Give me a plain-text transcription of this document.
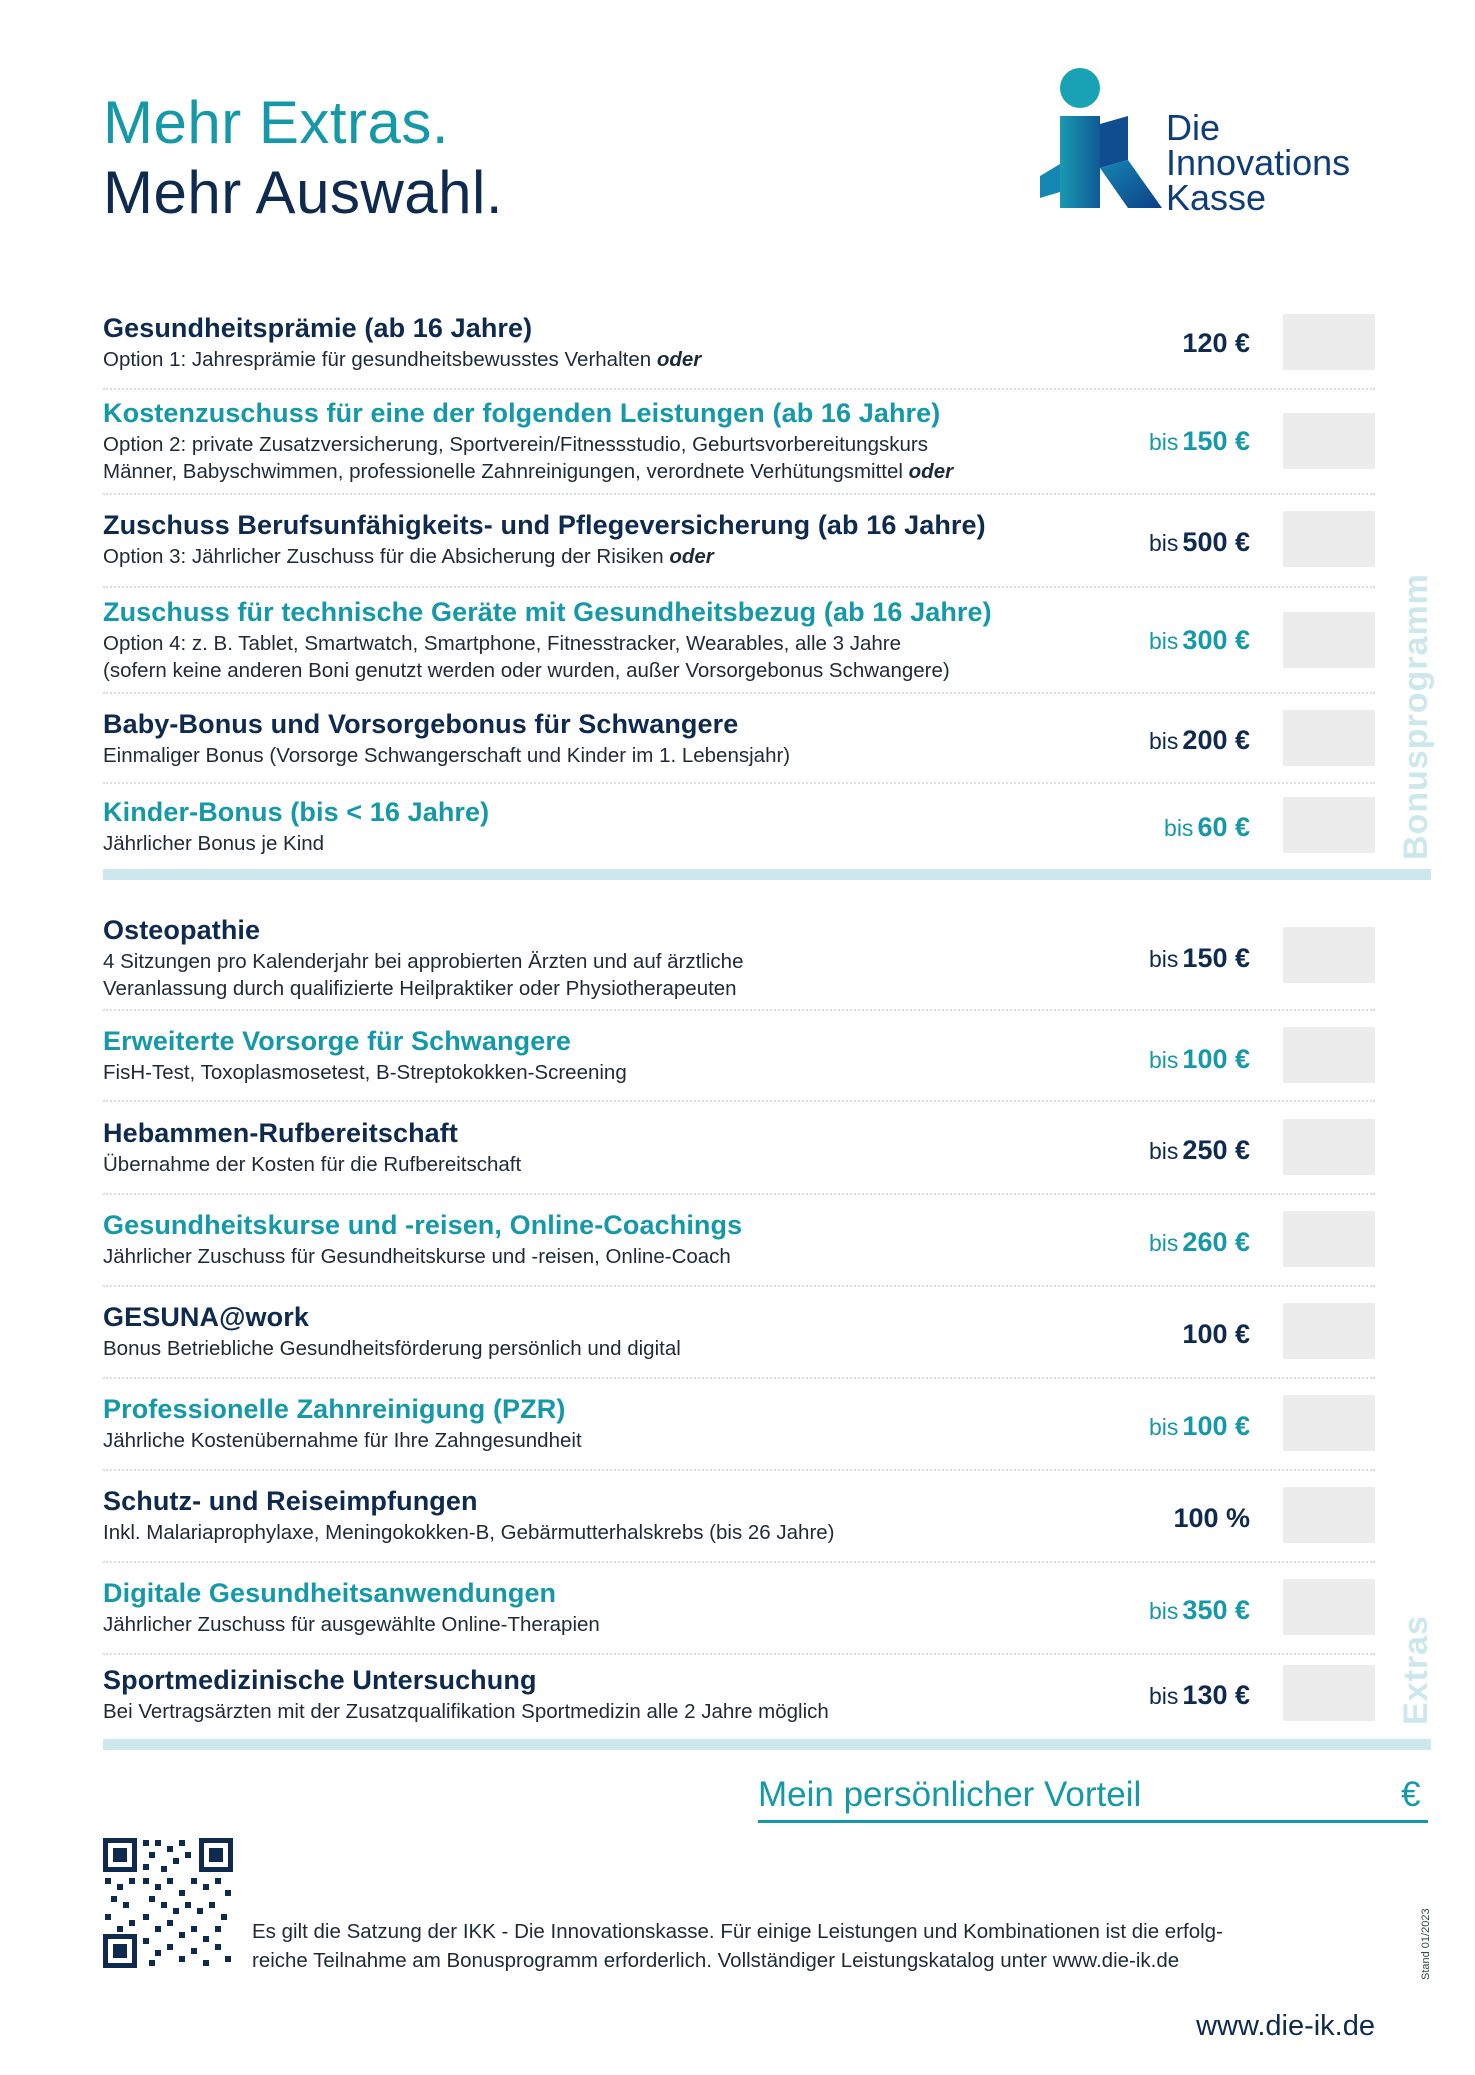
Mehr Extras.
Mehr Auswahl.
Die
Innovations
Kasse
Gesundheitsprämie (ab 16 Jahre)
Option 1: Jahresprämie für gesundheitsbewusstes Verhalten oder
120 €
Kostenzuschuss für eine der folgenden Leistungen (ab 16 Jahre)
Option 2: private Zusatzversicherung, Sportverein/Fitnessstudio, Geburtsvorbereitungskurs
Männer, Babyschwimmen, professionelle Zahnreinigungen, verordnete Verhütungsmittel oder
bis 150 €
Zuschuss Berufsunfähigkeits- und Pflegeversicherung (ab 16 Jahre)
Option 3: Jährlicher Zuschuss für die Absicherung der Risiken oder
bis 500 €
Zuschuss für technische Geräte mit Gesundheitsbezug (ab 16 Jahre)
Option 4: z. B. Tablet, Smartwatch, Smartphone, Fitnesstracker, Wearables, alle 3 Jahre
(sofern keine anderen Boni genutzt werden oder wurden, außer Vorsorgebonus Schwangere)
bis 300 €
Baby-Bonus und Vorsorgebonus für Schwangere
Einmaliger Bonus (Vorsorge Schwangerschaft und Kinder im 1. Lebensjahr)
bis 200 €
Kinder-Bonus (bis < 16 Jahre)
Jährlicher Bonus je Kind
bis 60 €	Bonusprogramm
Osteopathie
4 Sitzungen pro Kalenderjahr bei approbierten Ärzten und auf ärztliche
Veranlassung durch qualifizierte Heilpraktiker oder Physiotherapeuten
bis 150 €
Erweiterte Vorsorge für Schwangere
FisH-Test, Toxoplasmosetest, B-Streptokokken-Screening	bis 100 €
Hebammen-Rufbereitschaft
Übernahme der Kosten für die Rufbereitschaft
bis 250 €
Gesundheitskurse und -reisen, Online-Coachings
Jährlicher Zuschuss für Gesundheitskurse und -reisen, Online-Coach
bis 260 €
GESUNA@work
Bonus Betriebliche Gesundheitsförderung persönlich und digital	100 €
Professionelle Zahnreinigung (PZR)
Jährliche Kostenübernahme für Ihre Zahngesundheit
bis 100 €
Schutz- und Reiseimpfungen
Inkl. Malariaprophylaxe, Meningokokken-B, Gebärmutterhalskrebs (bis 26 Jahre)	100 %
Digitale Gesundheitsanwendungen
Jährlicher Zuschuss für ausgewählte Online-Therapien
bis 350 €
Sportmedizinische Untersuchung
Bei Vertragsärzten mit der Zusatzqualifikation Sportmedizin alle 2 Jahre möglich
bis 130 €	Extras
Mein persönlicher Vorteil	€
Es gilt die Satzung der IKK - Die Innovationskasse. Für einige Leistungen und Kombinationen ist die erfolg-
reiche Teilnahme am Bonusprogramm erforderlich. Vollständiger Leistungskatalog unter www.die-ik.de	Stand 01/2023
www.die-ik.de
